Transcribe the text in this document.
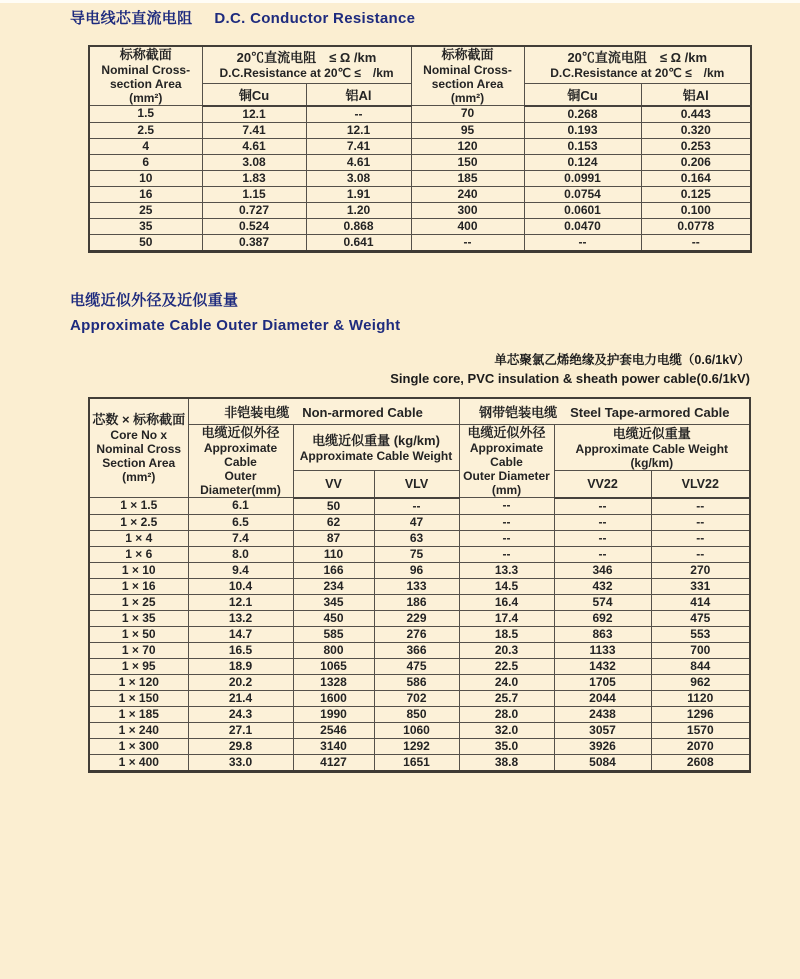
导电线芯直流电阻 D.C. Conductor Resistance
标称截面
Nominal Cross-
section Area
(mm²)	20℃直流电阻　≤ Ω /km
D.C.Resistance at 20℃ ≤　/km		标称截面
Nominal Cross-
section Area
(mm²)	20℃直流电阻　≤ Ω /km
D.C.Resistance at 20℃ ≤　/km	

	铜Cu	铝Al		铜Cu	铝Al
1.5	12.1	--	70	0.268	0.443
2.5	7.41	12.1	95	0.193	0.320
4	4.61	7.41	120	0.153	0.253
6	3.08	4.61	150	0.124	0.206
10	1.83	3.08	185	0.0991	0.164
16	1.15	1.91	240	0.0754	0.125
25	0.727	1.20	300	0.0601	0.100
35	0.524	0.868	400	0.0470	0.0778
50	0.387	0.641	--	--	--
电缆近似外径及近似重量
Approximate Cable Outer Diameter & Weight
单芯聚氯乙烯绝缘及护套电力电缆（0.6/1kV）
Single core, PVC insulation & sheath power cable(0.6/1kV)
芯数 × 标称截面
Core No x
Nominal Cross
Section Area
(mm²)	非铠装电缆　Non-armored Cable			钢带铠装电缆　Steel Tape-armored Cable		

	电缆近似外径
Approximate Cable
Outer Diameter(mm)	电缆近似重量 (kg/km)
Approximate Cable Weight		电缆近似外径
Approximate Cable
Outer Diameter
(mm)	电缆近似重量
Approximate Cable Weight　(kg/km)	

		VV	VLV		VV22	VLV22
1 × 1.5	6.1	50	--	--	--	--
1 × 2.5	6.5	62	47	--	--	--
1 × 4	7.4	87	63	--	--	--
1 × 6	8.0	110	75	--	--	--
1 × 10	9.4	166	96	13.3	346	270
1 × 16	10.4	234	133	14.5	432	331
1 × 25	12.1	345	186	16.4	574	414
1 × 35	13.2	450	229	17.4	692	475
1 × 50	14.7	585	276	18.5	863	553
1 × 70	16.5	800	366	20.3	1133	700
1 × 95	18.9	1065	475	22.5	1432	844
1 × 120	20.2	1328	586	24.0	1705	962
1 × 150	21.4	1600	702	25.7	2044	1120
1 × 185	24.3	1990	850	28.0	2438	1296
1 × 240	27.1	2546	1060	32.0	3057	1570
1 × 300	29.8	3140	1292	35.0	3926	2070
1 × 400	33.0	4127	1651	38.8	5084	2608
